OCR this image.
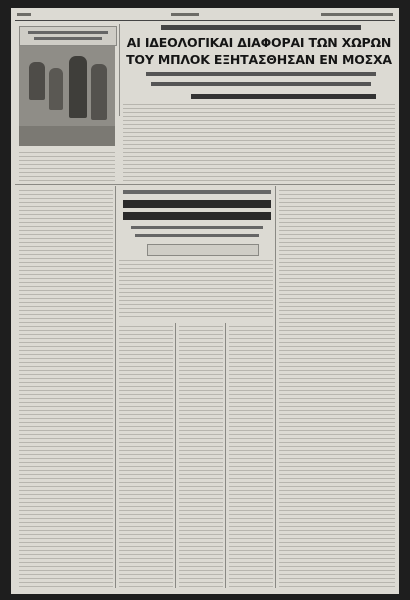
ΑΙ ΙΔΕΟΛΟΓΙΚΑΙ ΔΙΑΦΟΡΑΙ ΤΩΝ ΧΩΡΩΝ
ΤΟΥ ΜΠΛΟΚ ΕΞΗΤΑΣΘΗΣΑΝ ΕΝ ΜΟΣΧΑ
